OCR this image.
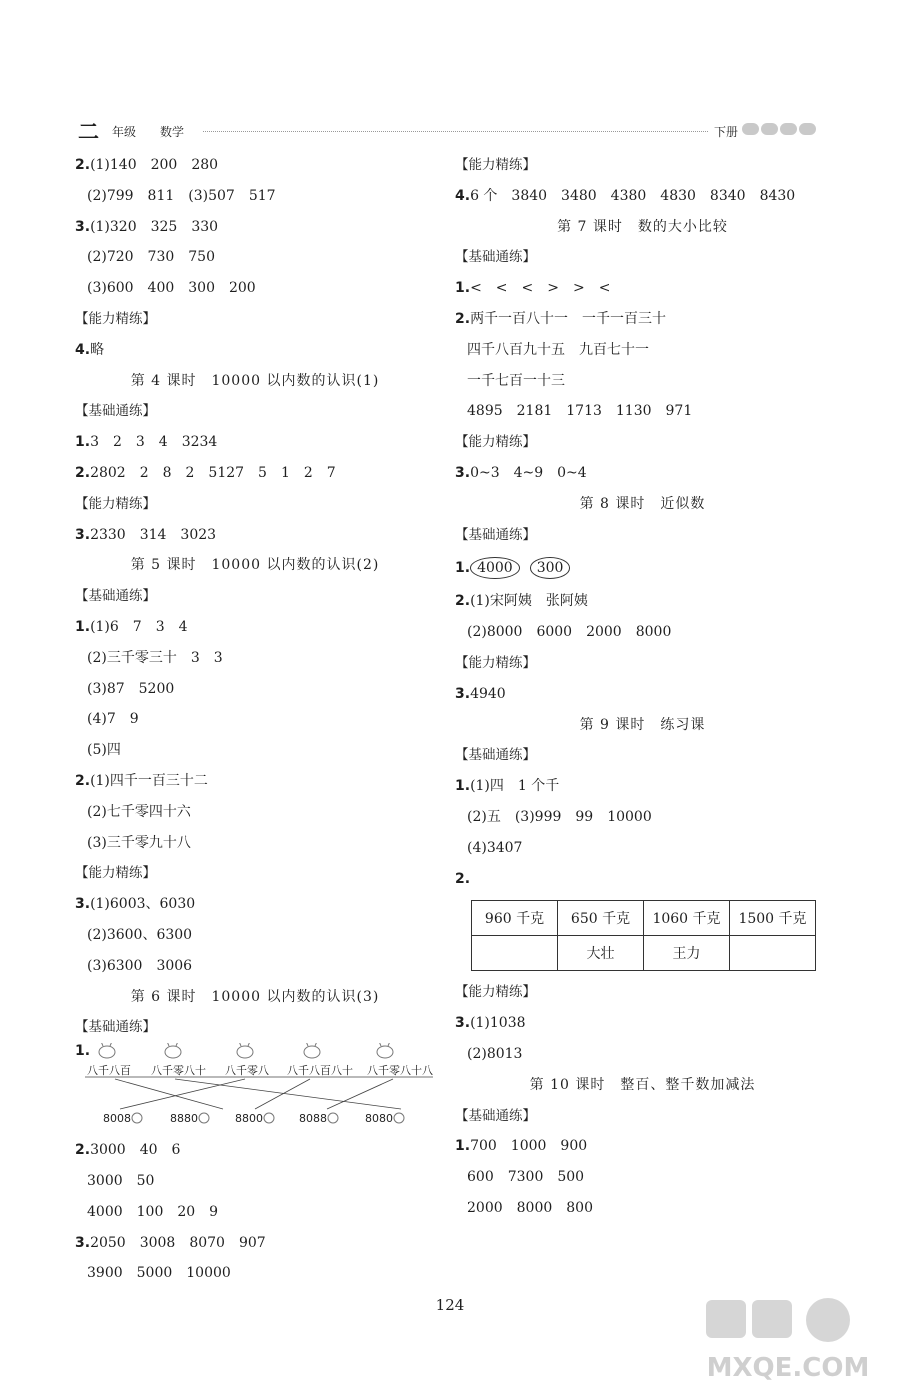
二 年级 数学	下册
2.(1)140　200　280
(2)799　811　(3)507　517
3.(1)320　325　330
(2)720　730　750
(3)600　400　300　200
【能力精练】
4.略
第 4 课时　10000 以内数的认识(1)
【基础通练】
1.3　2　3　4　3234
2.2802　2　8　2　5127　5　1　2　7
【能力精练】
3.2330　314　3023
第 5 课时　10000 以内数的认识(2)
【基础通练】
1.(1)6　7　3　4
(2)三千零三十　3　3
(3)87　5200
(4)7　9
(5)四
2.(1)四千一百三十二
(2)七千零四十六
(3)三千零九十八
【能力精练】
3.(1)6003、6030
(2)3600、6300
(3)6300　3006
第 6 课时　10000 以内数的认识(3)
【基础通练】
1.
八千八百 八千零八十 八千零八 八千八百八十 八千零八十八
8008	8880	8800	8088	8080
2.3000　40　6
3000　50
4000　100　20　9
3.2050　3008　8070　907
3900　5000　10000
【能力精练】
4.6 个　3840　3480　4380　4830　8340　8430
第 7 课时　数的大小比较
【基础通练】
1.<　<　<　>　>　<
2.两千一百八十一　一千一百三十
四千八百九十五　九百七十一
一千七百一十三
4895　2181　1713　1130　971
【能力精练】
3.0~3　4~9　0~4
第 8 课时　近似数
【基础通练】
1. 4000 300
2.(1)宋阿姨　张阿姨
(2)8000　6000　2000　8000
【能力精练】
3.4940
第 9 课时　练习课
【基础通练】
1.(1)四　1 个千
(2)五　(3)999　99　10000
(4)3407
2.
960 千克	650 千克	1060 千克	1500 千克
	大壮	王力	
【能力精练】
3.(1)1038
(2)8013
第 10 课时　整百、整千数加减法
【基础通练】
1.700　1000　900
600　7300　500
2000　8000　800
124
MXQE.COM
